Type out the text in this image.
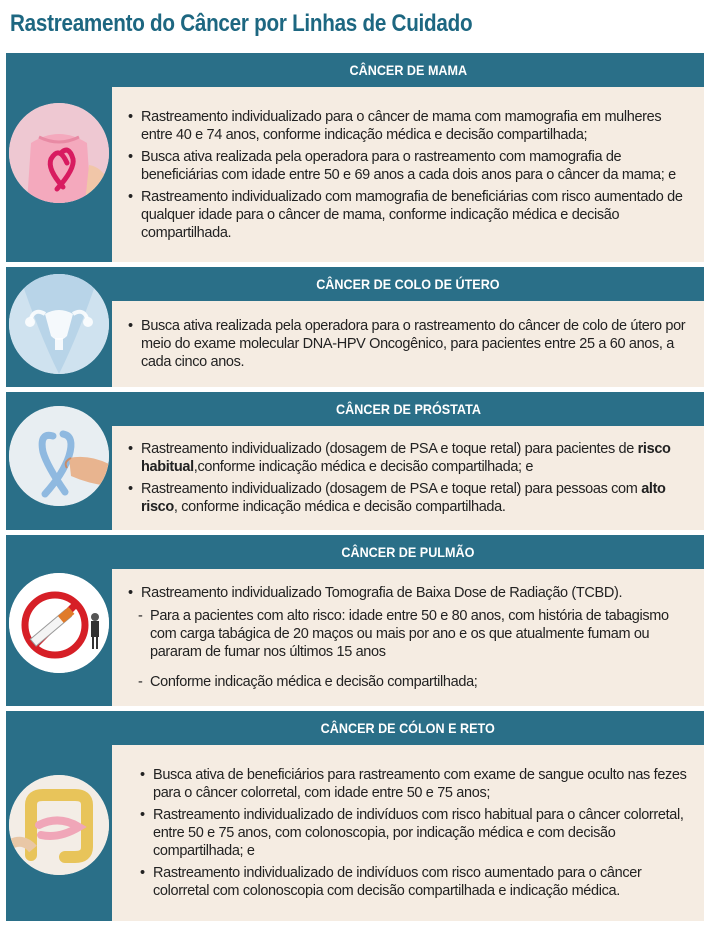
Rastreamento do Câncer por Linhas de Cuidado
CÂNCER DE MAMA
• Rastreamento individualizado para o câncer de mama com mamografia em mulheres entre 40 e 74 anos, conforme indicação médica e decisão compartilhada;
• Busca ativa realizada pela operadora para o rastreamento com mamografia de beneficiárias com idade entre 50 e 69 anos a cada dois anos para o câncer da mama; e
• Rastreamento individualizado com mamografia de beneficiárias com risco aumentado de qualquer idade para o câncer de mama, conforme indicação médica e decisão compartilhada.
CÂNCER DE COLO DE ÚTERO
• Busca ativa realizada pela operadora para o rastreamento do câncer de colo de útero por meio do exame molecular DNA-HPV Oncogênico, para pacientes entre 25 a 60 anos, a cada cinco anos.
CÂNCER DE PRÓSTATA
• Rastreamento individualizado (dosagem de PSA e toque retal) para pacientes de risco habitual,conforme indicação médica e decisão compartilhada; e
• Rastreamento individualizado (dosagem de PSA e toque retal) para pessoas com alto risco, conforme indicação médica e decisão compartilhada.
CÂNCER DE PULMÃO
• Rastreamento individualizado Tomografia de Baixa Dose de Radiação (TCBD).
- Para a pacientes com alto risco: idade entre 50 e 80 anos, com história de tabagismo com carga tabágica de 20 maços ou mais por ano e os que atualmente fumam ou pararam de fumar nos últimos 15 anos
- Conforme indicação médica e decisão compartilhada;
CÂNCER DE CÓLON E RETO
• Busca ativa de beneficiários para rastreamento com exame de sangue oculto nas fezes para o câncer colorretal, com idade entre 50 e 75 anos;
• Rastreamento individualizado de indivíduos com risco habitual para o câncer colorretal, entre 50 e 75 anos, com colonoscopia, por indicação médica e com decisão compartilhada; e
• Rastreamento individualizado de indivíduos com risco aumentado para o câncer colorretal com colonoscopia com decisão compartilhada e indicação médica.
